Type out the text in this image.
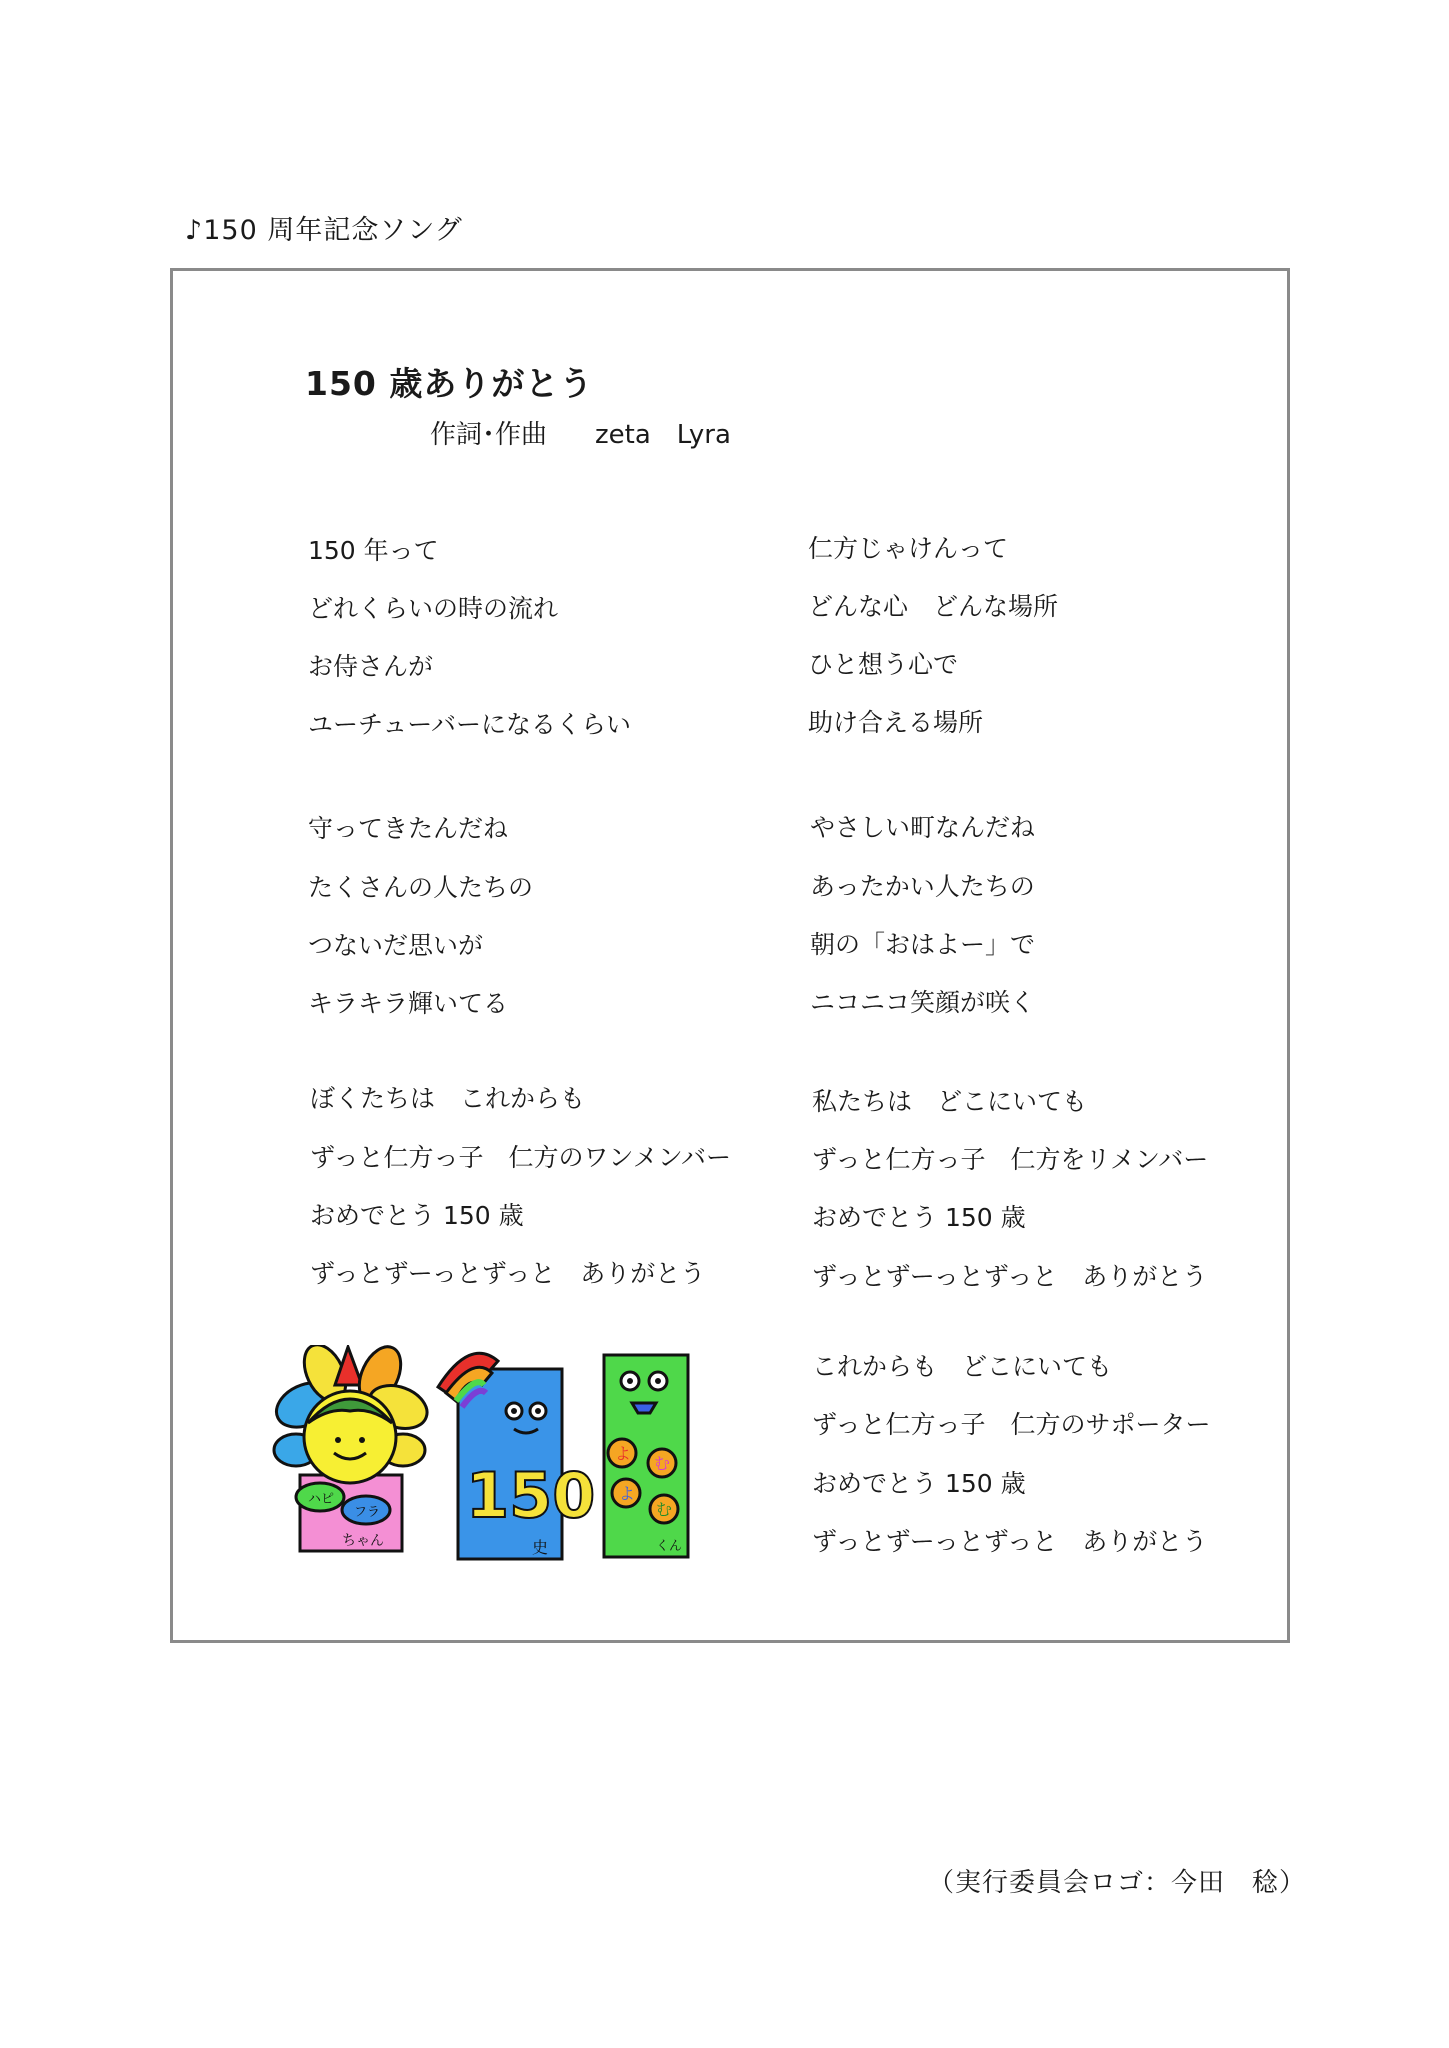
♪150 周年記念ソング
150 歳ありがとう
作詞･作曲 zeta　Lyra
150 年って
どれくらいの時の流れ
お侍さんが
ユーチューバーになるくらい
守ってきたんだね
たくさんの人たちの
つないだ思いが
キラキラ輝いてる
ぼくたちは　これからも
ずっと仁方っ子　仁方のワンメンバー
おめでとう 150 歳
ずっとずーっとずっと　ありがとう
仁方じゃけんって
どんな心　どんな場所
ひと想う心で
助け合える場所
やさしい町なんだね
あったかい人たちの
朝の「おはよー」で
ニコニコ笑顔が咲く
私たちは　どこにいても
ずっと仁方っ子　仁方をリメンバー
おめでとう 150 歳
ずっとずーっとずっと　ありがとう
これからも　どこにいても
ずっと仁方っ子　仁方のサポーター
おめでとう 150 歳
ずっとずーっとずっと　ありがとう
ハピ
フラ
ちゃん
150
史
よ
む
よ
む
くん
（実行委員会ロゴ：今田　稔）
